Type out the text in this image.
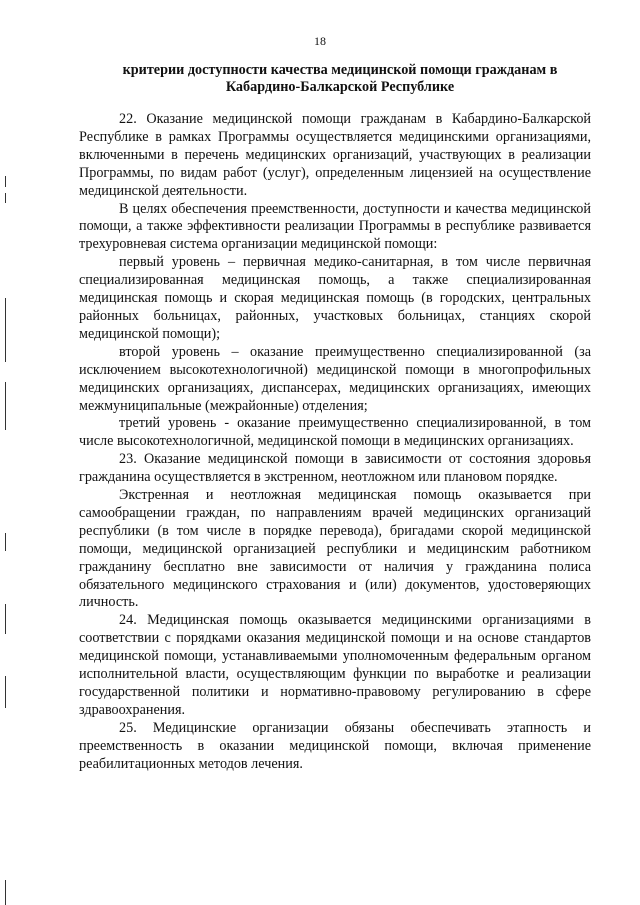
18
критерии доступности качества медицинской помощи гражданам в Кабардино-Балкарской Республике

22. Оказание медицинской помощи гражданам в Кабардино-Балкарской Республике в рамках Программы осуществляется медицинскими организациями, включенными в перечень медицинских организаций, участвующих в реализации Программы, по видам работ (услуг), определенным лицензией на осуществление медицинской деятельности.

В целях обеспечения преемственности, доступности и качества медицинской помощи, а также эффективности реализации Программы в республике развивается трехуровневая система организации медицинской помощи:

первый уровень – первичная медико-санитарная, в том числе первичная специализированная медицинская помощь, а также специализированная медицинская помощь и скорая медицинская помощь (в городских, центральных районных больницах, районных, участковых больницах, станциях скорой медицинской помощи);

второй уровень – оказание преимущественно специализированной (за исключением высокотехнологичной) медицинской помощи в многопрофильных медицинских организациях, диспансерах, медицинских организациях, имеющих межмуниципальные (межрайонные) отделения;

третий уровень - оказание преимущественно специализированной, в том числе высокотехнологичной, медицинской помощи в медицинских организациях.

23. Оказание медицинской помощи в зависимости от состояния здоровья гражданина осуществляется в экстренном, неотложном или плановом порядке.

Экстренная и неотложная медицинская помощь оказывается при самообращении граждан, по направлениям врачей медицинских организаций республики (в том числе в порядке перевода), бригадами скорой медицинской помощи, медицинской организацией республики и медицинским работником гражданину бесплатно вне зависимости от наличия у гражданина полиса обязательного медицинского страхования и (или) документов, удостоверяющих личность.

24. Медицинская помощь оказывается медицинскими организациями в соответствии с порядками оказания медицинской помощи и на основе стандартов медицинской помощи, устанавливаемыми уполномоченным федеральным органом исполнительной власти, осуществляющим функции по выработке и реализации государственной политики и нормативно-правовому регулированию в сфере здравоохранения.

25. Медицинские организации обязаны обеспечивать этапность и преемственность в оказании медицинской помощи, включая применение реабилитационных методов лечения.
